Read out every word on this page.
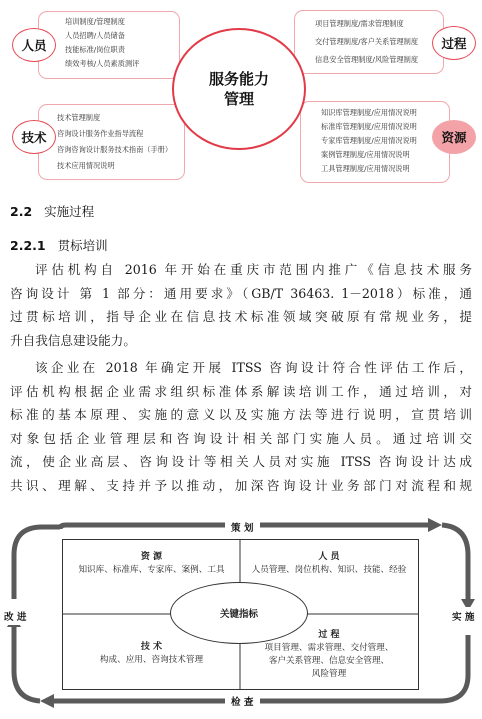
培训制度/管理制度
人员招聘/人员储备
技能标准/岗位职责
绩效考核/人员素质测评
技术管理制度
咨询设计服务作业指导流程
咨询咨询设计服务技术指南（手册）
技术应用情况说明
项目管理制度/需求管理制度
交付管理制度/客户关系管理制度
信息安全管理制度/风险管理制度
知识库管理制度/应用情况说明
标准库管理制度/应用情况说明
专家库管理制度/应用情况说明
案例管理制度/应用情况说明
工具管理制度/应用情况说明
人员
技术
过程
资源
服务能力
管理
2.2 实施过程
2.2.1 贯标培训
评估机构自 2016 年开始在重庆市范围内推广《信息技术服务
咨询设计 第 1 部分：通用要求》（GB/T 36463. 1－2018）标准，通
过贯标培训，指导企业在信息技术标准领域突破原有常规业务，提
升自我信息建设能力。
该企业在 2018 年确定开展 ITSS 咨询设计符合性评估工作后，
评估机构根据企业需求组织标准体系解读培训工作，通过培训，对
标准的基本原理、实施的意义以及实施方法等进行说明，宣贯培训
对象包括企业管理层和咨询设计相关部门实施人员。通过培训交
流，使企业高层、咨询设计等相关人员对实施 ITSS 咨询设计达成
共识、理解、支持并予以推动，加深咨询设计业务部门对流程和规
策 划
实 施
检 查
改 进
资 源
知识库、标准库、专家库、案例、工具
人 员
人员管理、岗位机构、知识、技能、经验
技 术
构成、应用、咨询技术管理
过 程
项目管理、需求管理、交付管理、
客户关系管理、信息安全管理、
风险管理
关键指标
